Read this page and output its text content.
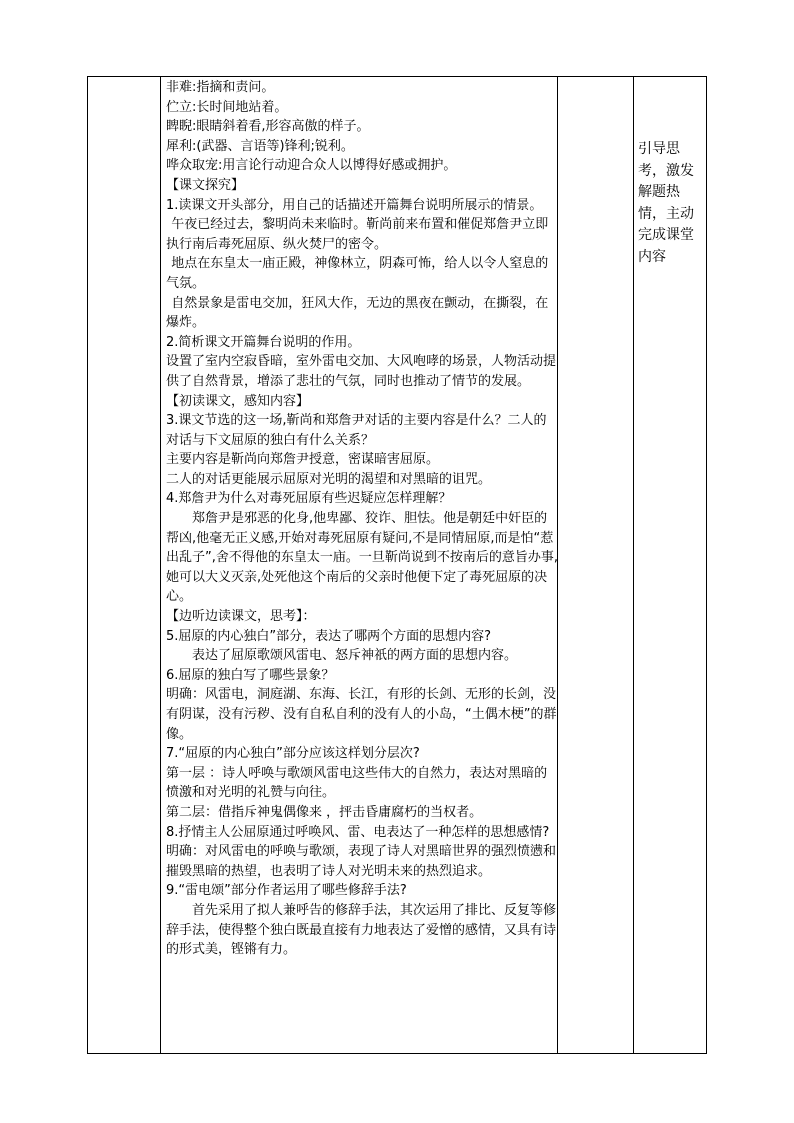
非难:指摘和责问。

伫立:长时间地站着。

睥睨:眼睛斜着看,形容高傲的样子。

犀利:(武器、言语等)锋利;锐利。

哗众取宠:用言论行动迎合众人以博得好感或拥护。

【课文探究】

1.读课文开头部分，用自己的话描述开篇舞台说明所展示的情景。

午夜已经过去，黎明尚未来临时。靳尚前来布置和催促郑詹尹立即执行南后毒死屈原、纵火焚尸的密令。

地点在东皇太一庙正殿，神像林立，阴森可怖，给人以令人窒息的气氛。

自然景象是雷电交加，狂风大作，无边的黑夜在颤动，在撕裂，在爆炸。

2.简析课文开篇舞台说明的作用。

设置了室内空寂昏暗，室外雷电交加、大风咆哮的场景，人物活动提供了自然背景，增添了悲壮的气氛，同时也推动了情节的发展。

【初读课文，感知内容】

3.课文节选的这一场,靳尚和郑詹尹对话的主要内容是什么？二人的对话与下文屈原的独白有什么关系？

主要内容是靳尚向郑詹尹授意，密谋暗害屈原。

二人的对话更能展示屈原对光明的渴望和对黑暗的诅咒。

4.郑詹尹为什么对毒死屈原有些迟疑应怎样理解？

郑詹尹是邪恶的化身,他卑鄙、狡诈、胆怯。他是朝廷中奸臣的帮凶,他毫无正义感,开始对毒死屈原有疑问,不是同情屈原,而是怕“惹出乱子”,舍不得他的东皇太一庙。一旦靳尚说到不按南后的意旨办事,她可以大义灭亲,处死他这个南后的父亲时他便下定了毒死屈原的决心。

【边听边读课文，思考】：

5.屈原的内心独白”部分，表达了哪两个方面的思想内容?

表达了屈原歌颂风雷电、怒斥神祇的两方面的思想内容。

6.屈原的独白写了哪些景象？

明确：风雷电，洞庭湖、东海、长江，有形的长剑、无形的长剑，没有阴谋，没有污秽、没有自私自利的没有人的小岛，“土偶木梗”的群像。

7.“屈原的内心独白”部分应该这样划分层次?

第一层 ：诗人呼唤与歌颂风雷电这些伟大的自然力，表达对黑暗的愤激和对光明的礼赞与向往。

第二层：借指斥神鬼偶像来 ，抨击昏庸腐朽的当权者。

8.抒情主人公屈原通过呼唤风、雷、电表达了一种怎样的思想感情?

明确：对风雷电的呼唤与歌颂，表现了诗人对黑暗世界的强烈愤懑和摧毁黑暗的热望，也表明了诗人对光明未来的热烈追求。

9.“雷电颂”部分作者运用了哪些修辞手法?

首先采用了拟人兼呼告的修辞手法，其次运用了排比、反复等修辞手法，使得整个独白既最直接有力地表达了爱憎的感情，又具有诗的形式美，铿锵有力。

引导思考，激发解题热情，主动完成课堂内容
